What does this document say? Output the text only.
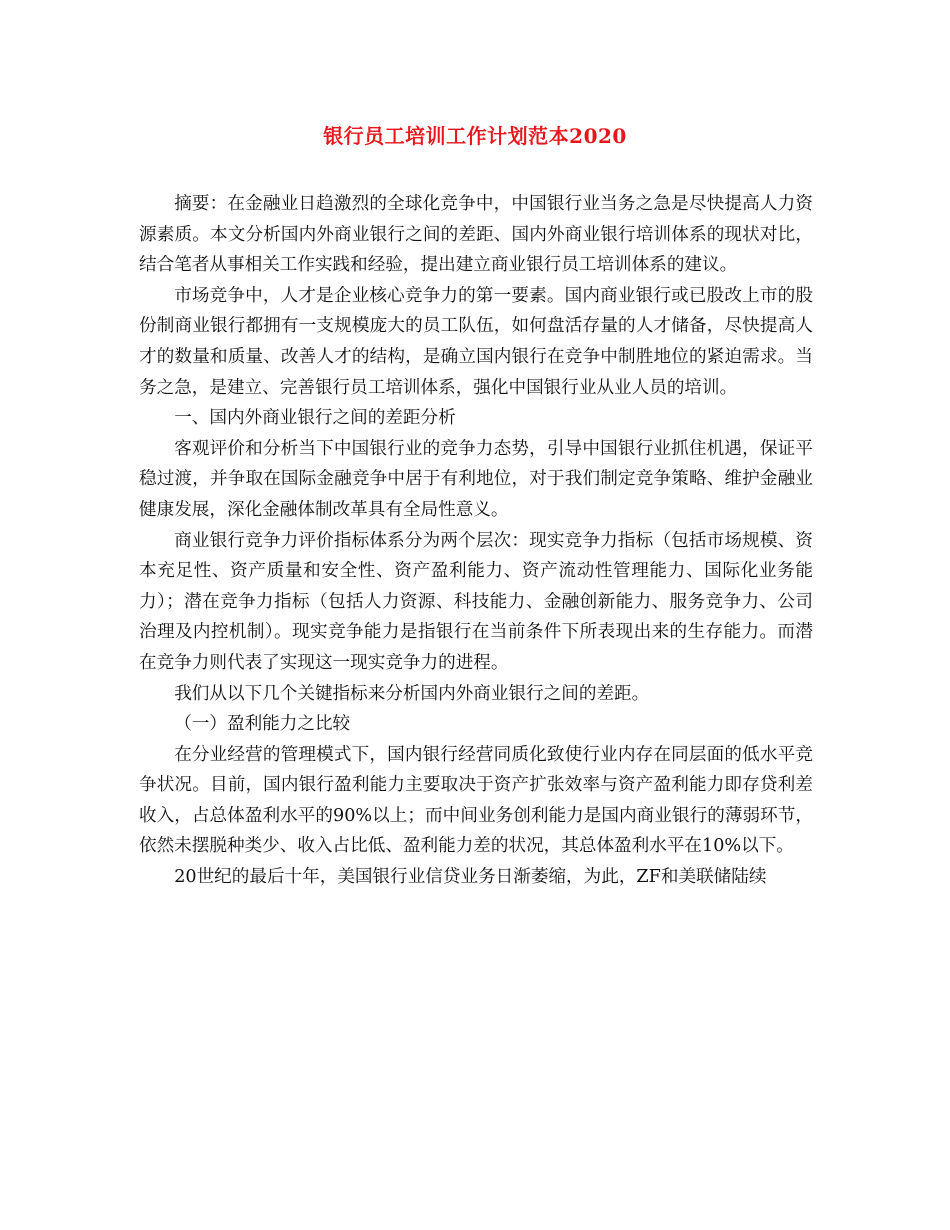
银行员工培训工作计划范本2020

摘要：在金融业日趋激烈的全球化竞争中，中国银行业当务之急是尽快提高人力资源素质。本文分析国内外商业银行之间的差距、国内外商业银行培训体系的现状对比，结合笔者从事相关工作实践和经验，提出建立商业银行员工培训体系的建议。

市场竞争中，人才是企业核心竞争力的第一要素。国内商业银行或已股改上市的股份制商业银行都拥有一支规模庞大的员工队伍，如何盘活存量的人才储备，尽快提高人才的数量和质量、改善人才的结构，是确立国内银行在竞争中制胜地位的紧迫需求。当务之急，是建立、完善银行员工培训体系，强化中国银行业从业人员的培训。

一、国内外商业银行之间的差距分析

客观评价和分析当下中国银行业的竞争力态势，引导中国银行业抓住机遇，保证平稳过渡，并争取在国际金融竞争中居于有利地位，对于我们制定竞争策略、维护金融业健康发展，深化金融体制改革具有全局性意义。

商业银行竞争力评价指标体系分为两个层次：现实竞争力指标（包括市场规模、资本充足性、资产质量和安全性、资产盈利能力、资产流动性管理能力、国际化业务能力）；潜在竞争力指标（包括人力资源、科技能力、金融创新能力、服务竞争力、公司治理及内控机制）。现实竞争能力是指银行在当前条件下所表现出来的生存能力。而潜在竞争力则代表了实现这一现实竞争力的进程。

我们从以下几个关键指标来分析国内外商业银行之间的差距。

（一）盈利能力之比较

在分业经营的管理模式下，国内银行经营同质化致使行业内存在同层面的低水平竞争状况。目前，国内银行盈利能力主要取决于资产扩张效率与资产盈利能力即存贷利差收入，占总体盈利水平的90%以上；而中间业务创利能力是国内商业银行的薄弱环节，依然未摆脱种类少、收入占比低、盈利能力差的状况，其总体盈利水平在10%以下。

20世纪的最后十年，美国银行业信贷业务日渐萎缩，为此，ZF和美联储陆续
